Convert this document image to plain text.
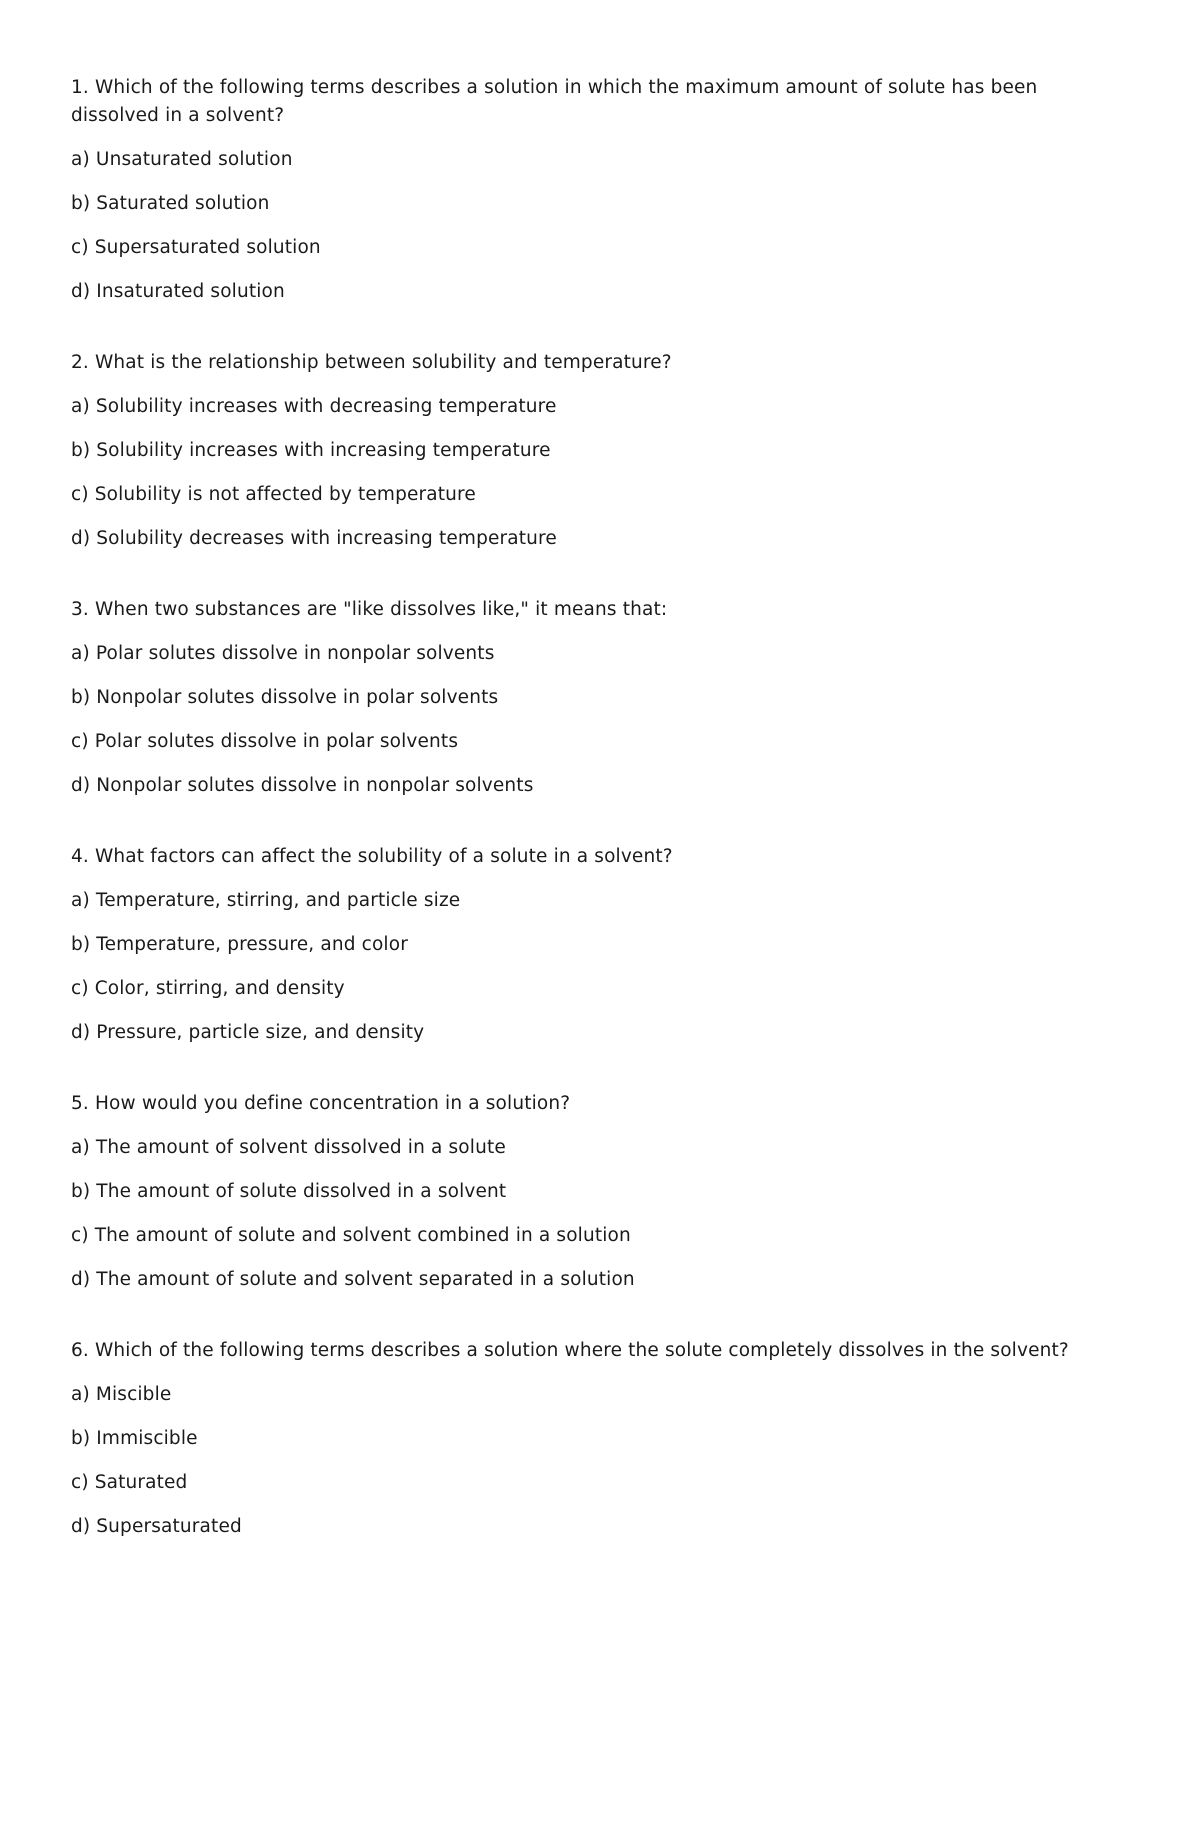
1. Which of the following terms describes a solution in which the maximum amount of solute has been dissolved in a solvent?

a) Unsaturated solution

b) Saturated solution

c) Supersaturated solution

d) Insaturated solution

2. What is the relationship between solubility and temperature?

a) Solubility increases with decreasing temperature

b) Solubility increases with increasing temperature

c) Solubility is not affected by temperature

d) Solubility decreases with increasing temperature

3. When two substances are "like dissolves like," it means that:

a) Polar solutes dissolve in nonpolar solvents

b) Nonpolar solutes dissolve in polar solvents

c) Polar solutes dissolve in polar solvents

d) Nonpolar solutes dissolve in nonpolar solvents

4. What factors can affect the solubility of a solute in a solvent?

a) Temperature, stirring, and particle size

b) Temperature, pressure, and color

c) Color, stirring, and density

d) Pressure, particle size, and density

5. How would you define concentration in a solution?

a) The amount of solvent dissolved in a solute

b) The amount of solute dissolved in a solvent

c) The amount of solute and solvent combined in a solution

d) The amount of solute and solvent separated in a solution

6. Which of the following terms describes a solution where the solute completely dissolves in the solvent?

a) Miscible

b) Immiscible

c) Saturated

d) Supersaturated
